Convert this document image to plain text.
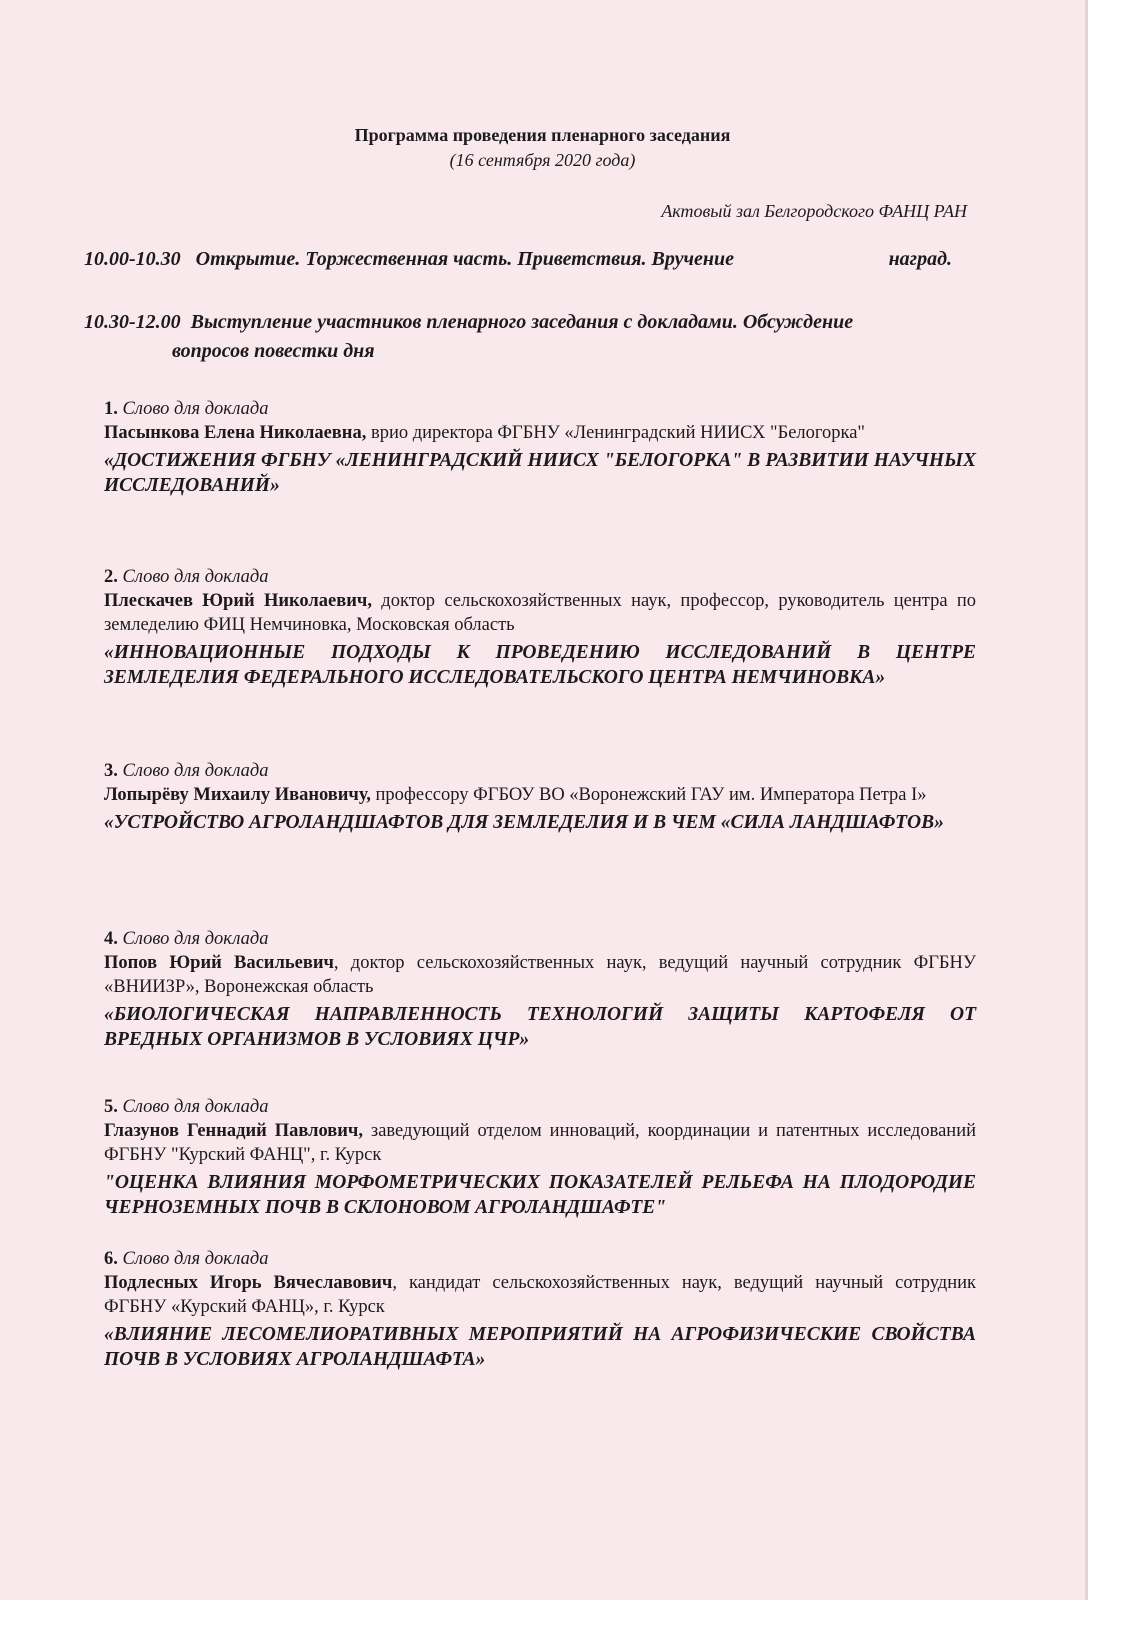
Программа проведения пленарного заседания
(16 сентября 2020 года)
Актовый зал Белгородского ФАНЦ РАН
10.00-10.30 Открытие. Торжественная часть. Приветствия. Вручение	наград.
10.30-12.00 Выступление участников пленарного заседания с докладами. Обсуждение
вопросов повестки дня
1. Слово для доклада
Пасынкова Елена Николаевна, врио директора ФГБНУ «Ленинградский НИИСХ "Белогорка"
«ДОСТИЖЕНИЯ ФГБНУ «ЛЕНИНГРАДСКИЙ НИИСХ "БЕЛОГОРКА" В РАЗВИТИИ НАУЧНЫХ ИССЛЕДОВАНИЙ»
2. Слово для доклада
Плескачев Юрий Николаевич, доктор сельскохозяйственных наук, профессор, руководитель центра по земледелию ФИЦ Немчиновка, Московская область
«ИННОВАЦИОННЫЕ ПОДХОДЫ К ПРОВЕДЕНИЮ ИССЛЕДОВАНИЙ В ЦЕНТРЕ ЗЕМЛЕДЕЛИЯ ФЕДЕРАЛЬНОГО ИССЛЕДОВАТЕЛЬСКОГО ЦЕНТРА НЕМЧИНОВКА»
3. Слово для доклада
Лопырёву Михаилу Ивановичу, профессору ФГБОУ ВО «Воронежский ГАУ им. Императора Петра I»
«УСТРОЙСТВО АГРОЛАНДШАФТОВ ДЛЯ ЗЕМЛЕДЕЛИЯ И В ЧЕМ «СИЛА ЛАНДШАФТОВ»
4. Слово для доклада
Попов Юрий Васильевич, доктор сельскохозяйственных наук, ведущий научный сотрудник ФГБНУ «ВНИИЗР», Воронежская область
«БИОЛОГИЧЕСКАЯ НАПРАВЛЕННОСТЬ ТЕХНОЛОГИЙ ЗАЩИТЫ КАРТОФЕЛЯ ОТ ВРЕДНЫХ ОРГАНИЗМОВ В УСЛОВИЯХ ЦЧР»
5. Слово для доклада
Глазунов Геннадий Павлович, заведующий отделом инноваций, координации и патентных исследований ФГБНУ "Курский ФАНЦ", г. Курск
"ОЦЕНКА ВЛИЯНИЯ МОРФОМЕТРИЧЕСКИХ ПОКАЗАТЕЛЕЙ РЕЛЬЕФА НА ПЛОДОРОДИЕ ЧЕРНОЗЕМНЫХ ПОЧВ В СКЛОНОВОМ АГРОЛАНДШАФТЕ"
6. Слово для доклада
Подлесных Игорь Вячеславович, кандидат сельскохозяйственных наук, ведущий научный сотрудник ФГБНУ «Курский ФАНЦ», г. Курск
«ВЛИЯНИЕ ЛЕСОМЕЛИОРАТИВНЫХ МЕРОПРИЯТИЙ НА АГРОФИЗИЧЕСКИЕ СВОЙСТВА ПОЧВ В УСЛОВИЯХ АГРОЛАНДШАФТА»
